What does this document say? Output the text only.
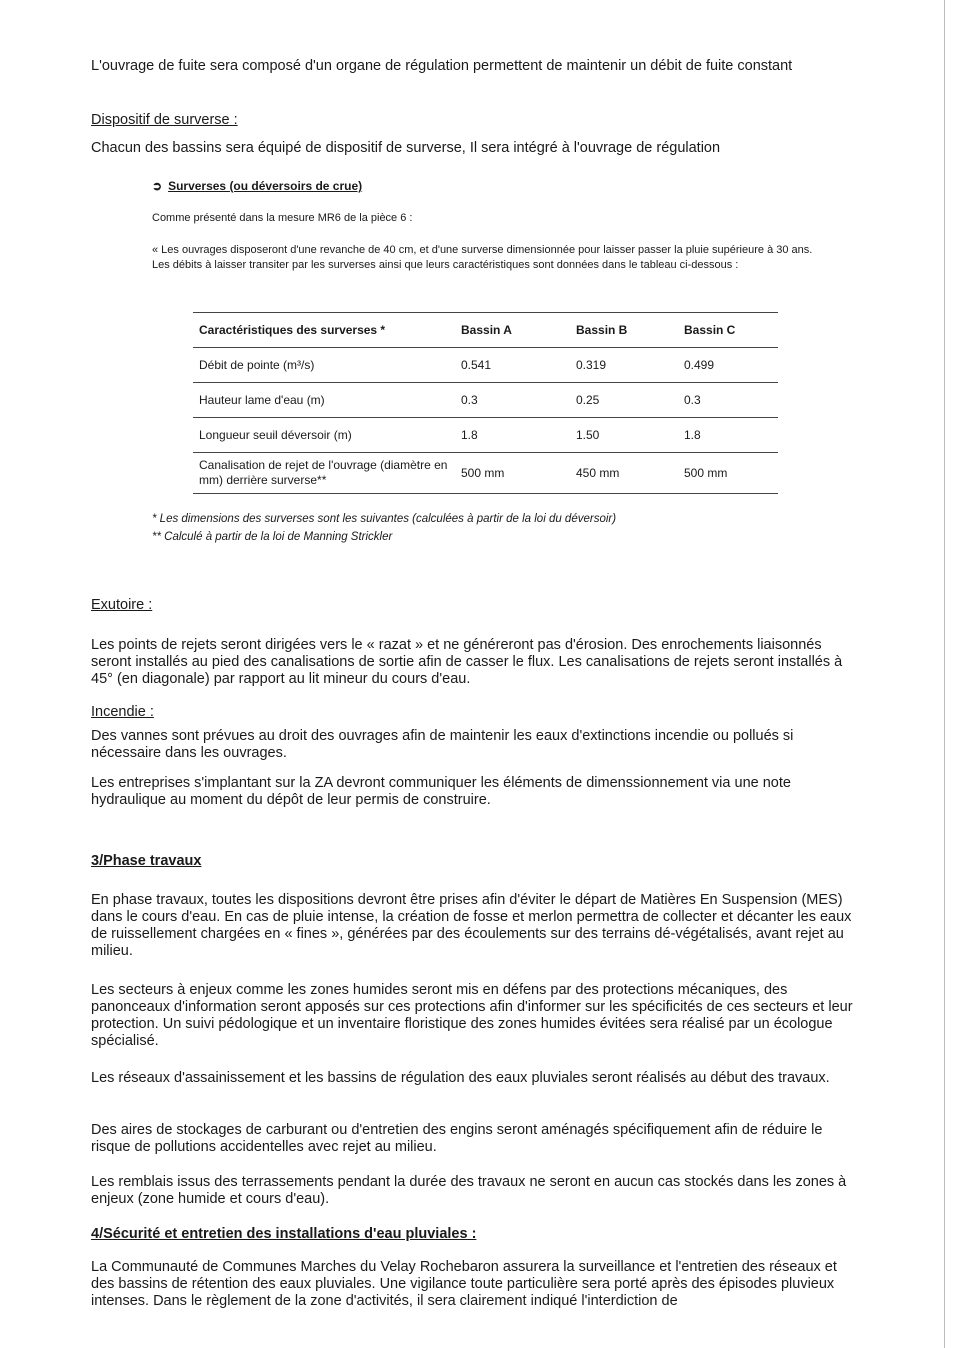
L'ouvrage de fuite sera composé d'un organe de régulation permettent de maintenir un débit de fuite constant

Dispositif de surverse :

Chacun des bassins sera équipé de dispositif de surverse, Il sera intégré à l'ouvrage de régulation

➲ Surverses (ou déversoirs de crue)

Comme présenté dans la mesure MR6 de la pièce 6 :

« Les ouvrages disposeront d'une revanche de 40 cm, et d'une surverse dimensionnée pour laisser passer la pluie supérieure à 30 ans. Les débits à laisser transiter par les surverses ainsi que leurs caractéristiques sont données dans le tableau ci-dessous :

Caractéristiques des surverses *	Bassin A	Bassin B	Bassin C
Débit de pointe (m³/s)	0.541	0.319	0.499
Hauteur lame d'eau (m)	0.3	0.25	0.3
Longueur seuil déversoir (m)	1.8	1.50	1.8
Canalisation de rejet de l'ouvrage (diamètre en mm) derrière surverse**	500 mm	450 mm	500 mm
* Les dimensions des surverses sont les suivantes (calculées à partir de la loi du déversoir)
** Calculé à partir de la loi de Manning Strickler

Exutoire :

Les points de rejets seront dirigées vers le « razat » et ne généreront pas d'érosion. Des enrochements liaisonnés seront installés au pied des canalisations de sortie afin de casser le flux. Les canalisations de rejets seront installés à 45° (en diagonale) par rapport au lit mineur du cours d'eau.

Incendie :

Des vannes sont prévues au droit des ouvrages afin de maintenir les eaux d'extinctions incendie ou pollués si nécessaire dans les ouvrages.

Les entreprises s'implantant sur la ZA devront communiquer les éléments de dimenssionnement via une note hydraulique au moment du dépôt de leur permis de construire.

3/Phase travaux

En phase travaux, toutes les dispositions devront être prises afin d'éviter le départ de Matières En Suspension (MES) dans le cours d'eau. En cas de pluie intense, la création de fosse et merlon permettra de collecter et décanter les eaux de ruissellement chargées en « fines », générées par des écoulements sur des terrains dé-végétalisés, avant rejet au milieu.

Les secteurs à enjeux comme les zones humides seront mis en défens par des protections mécaniques, des panonceaux d'information seront apposés sur ces protections afin d'informer sur les spécificités de ces secteurs et leur protection. Un suivi pédologique et un inventaire floristique des zones humides évitées sera réalisé par un écologue spécialisé.

Les réseaux d'assainissement et les bassins de régulation des eaux pluviales seront réalisés au début des travaux.

Des aires de stockages de carburant ou d'entretien des engins seront aménagés spécifiquement afin de réduire le risque de pollutions accidentelles avec rejet au milieu.

Les remblais issus des terrassements pendant la durée des travaux ne seront en aucun cas stockés dans les zones à enjeux (zone humide et cours d'eau).

4/Sécurité et entretien des installations d'eau pluviales :

La Communauté de Communes Marches du Velay Rochebaron assurera la surveillance et l'entretien des réseaux et des bassins de rétention des eaux pluviales. Une vigilance toute particulière sera porté après des épisodes pluvieux intenses. Dans le règlement de la zone d'activités, il sera clairement indiqué l'interdiction de
